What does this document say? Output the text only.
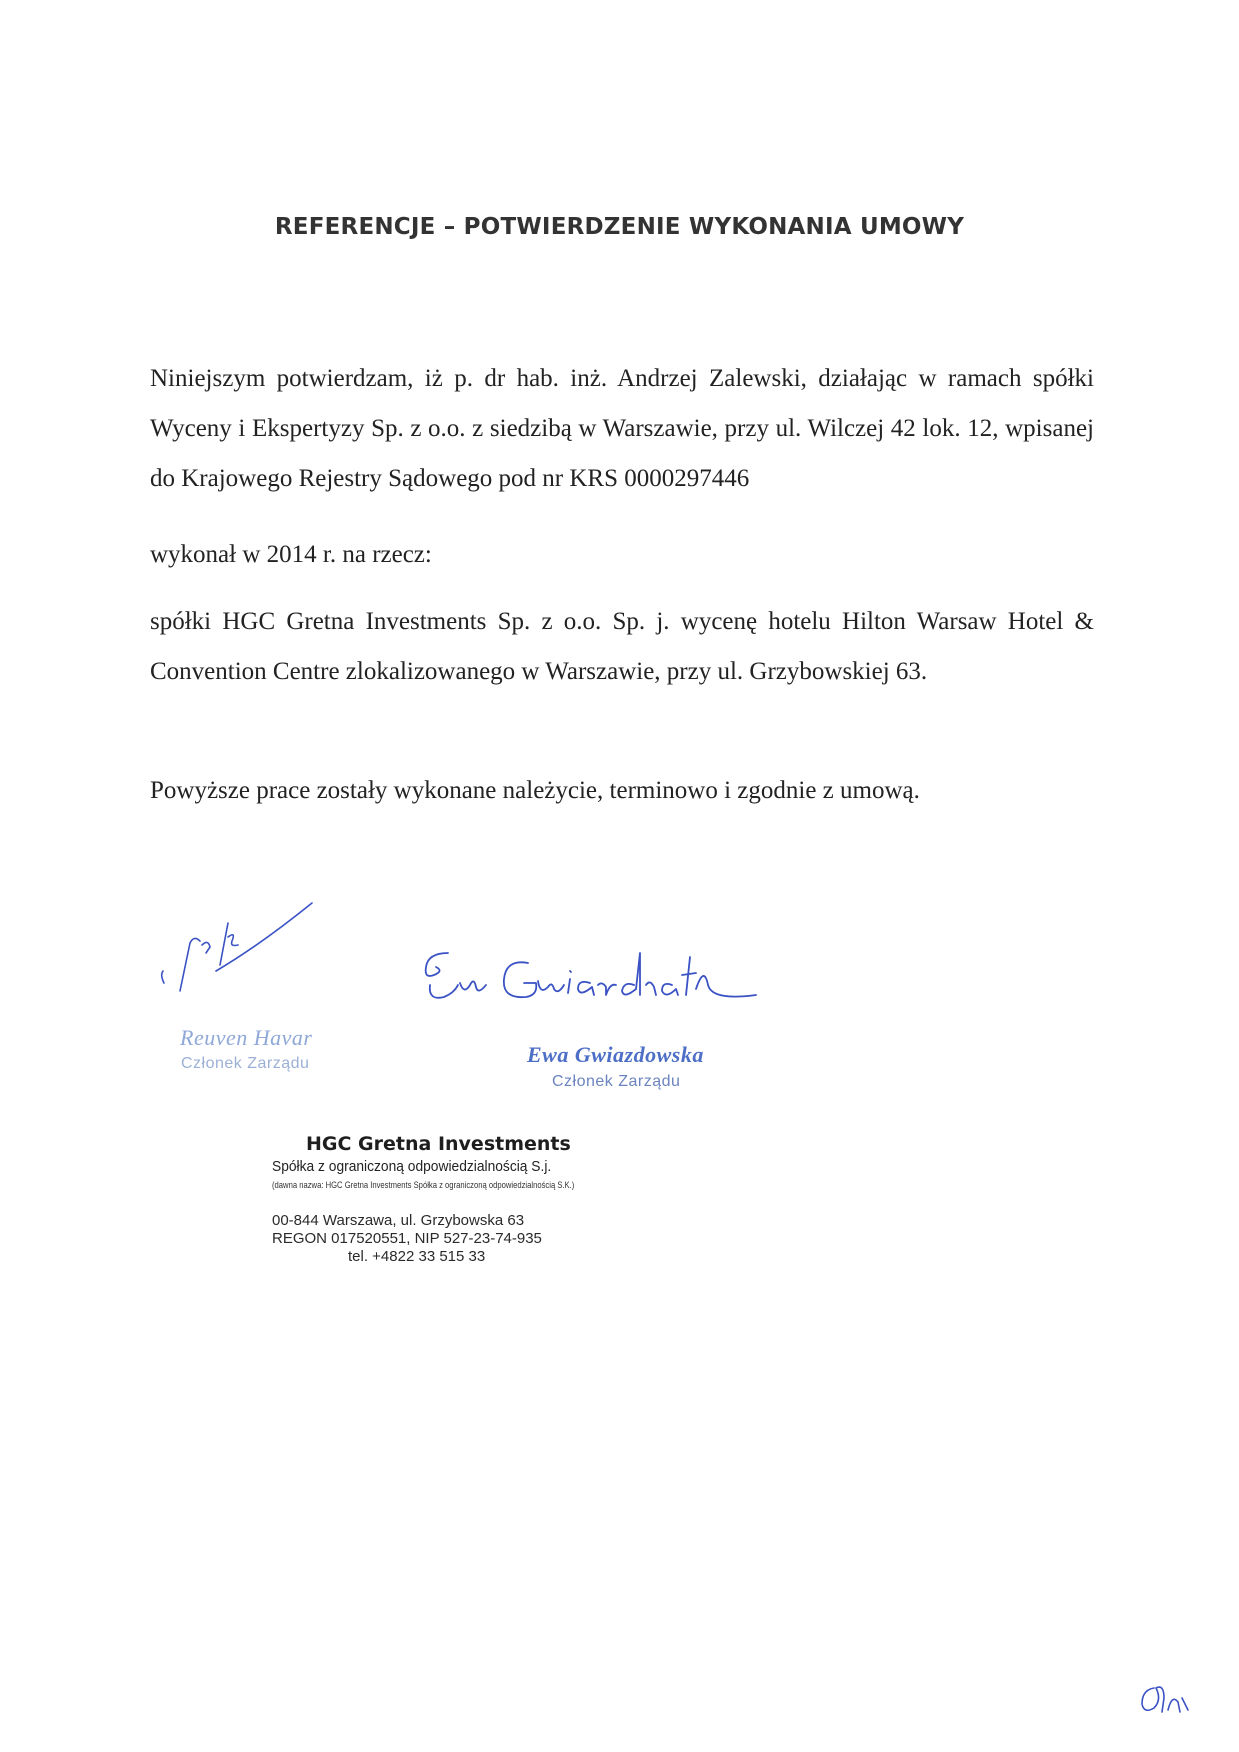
REFERENCJE – POTWIERDZENIE WYKONANIA UMOWY

Niniejszym potwierdzam, iż p. dr hab. inż. Andrzej Zalewski, działając w ramach spółki Wyceny i Ekspertyzy Sp. z o.o. z siedzibą w Warszawie, przy ul. Wilczej 42 lok. 12, wpisanej do Krajowego Rejestry Sądowego pod nr KRS 0000297446

wykonał w 2014 r. na rzecz:

spółki HGC Gretna Investments Sp. z o.o. Sp. j. wycenę hotelu Hilton Warsaw Hotel & Convention Centre zlokalizowanego w Warszawie, przy ul. Grzybowskiej 63.

Powyższe prace zostały wykonane należycie, terminowo i zgodnie z umową.

Reuven Havar
Członek Zarządu	Ewa Gwiazdowska
Członek Zarządu
HGC Gretna Investments
Spółka z ograniczoną odpowiedzialnością S.j.
(dawna nazwa: HGC Gretna Investments Spółka z ograniczoną odpowiedzialnością S.K.)
00-844 Warszawa, ul. Grzybowska 63
REGON 017520551, NIP 527-23-74-935
tel. +4822 33 515 33
